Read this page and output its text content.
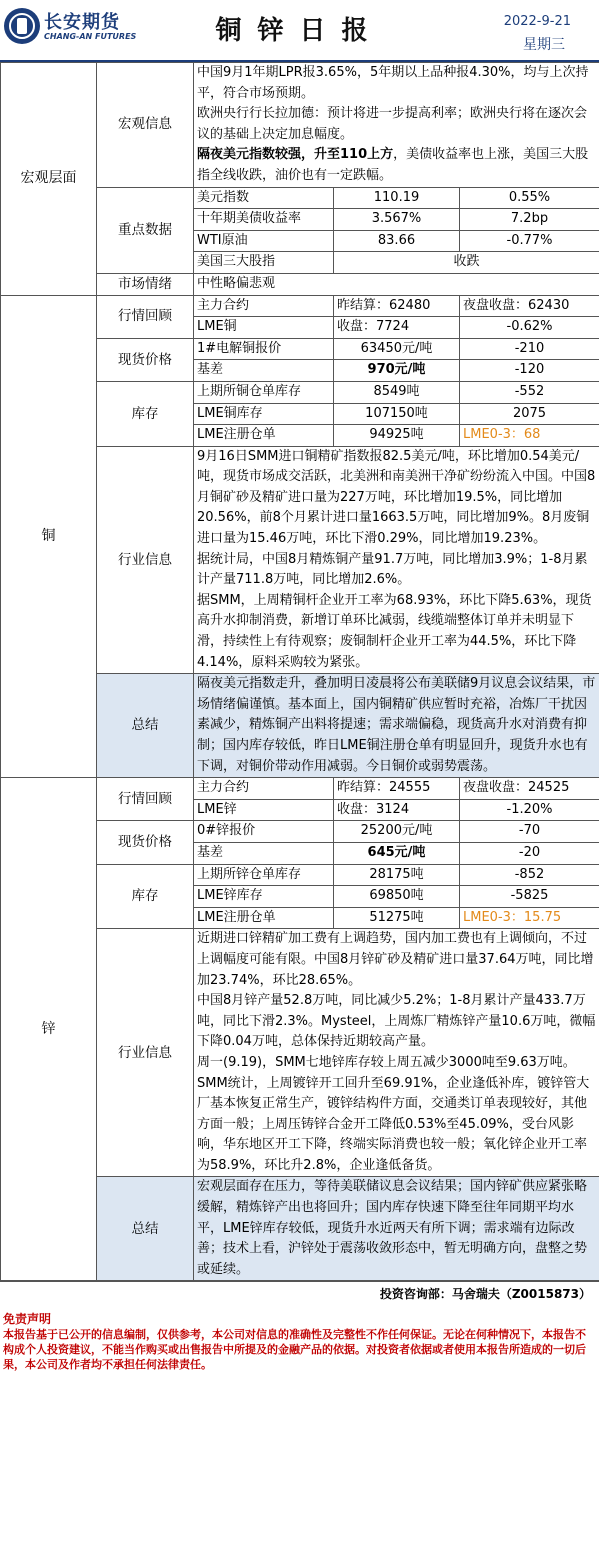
长安期货
CHANG-AN FUTURES	铜锌日报	2022-9-21
星期三
宏观层面	宏观信息	中国9月1年期LPR报3.65%，5年期以上品种报4.30%，均与上次持平，符合市场预期。
欧洲央行行长拉加德：预计将进一步提高利率；欧洲央行将在逐次会议的基础上决定加息幅度。
隔夜美元指数较强，升至110上方，美债收益率也上涨，美国三大股指全线收跌，油价也有一定跌幅。		

	重点数据	美元指数	110.19	0.55%
		十年期美债收益率	3.567%	7.2bp
		WTI原油	83.66	-0.77%
		美国三大股指	收跌	
	市场情绪	中性略偏悲观		

铜	行情回顾	主力合约	昨结算：62480	夜盘收盘：62430
		LME铜	收盘：7724	-0.62%
	现货价格	1#电解铜报价	63450元/吨	-210
		基差	970元/吨	-120
	库存	上期所铜仓单库存	8549吨	-552
		LME铜库存	107150吨	2075
		LME注册仓单	94925吨	LME0-3：68
	行业信息	9月16日SMM进口铜精矿指数报82.5美元/吨，环比增加0.54美元/吨，现货市场成交活跃，北美洲和南美洲干净矿纷纷流入中国。中国8月铜矿砂及精矿进口量为227万吨，环比增加19.5%，同比增加20.56%，前8个月累计进口量1663.5万吨，同比增加9%。8月废铜进口量为15.46万吨，环比下滑0.29%，同比增加19.23%。
据统计局，中国8月精炼铜产量91.7万吨，同比增加3.9%；1-8月累计产量711.8万吨，同比增加2.6%。
据SMM，上周精铜杆企业开工率为68.93%，环比下降5.63%，现货高升水抑制消费，新增订单环比减弱，线缆端整体订单并未明显下滑，持续性上有待观察；废铜制杆企业开工率为44.5%，环比下降4.14%，原料采购较为紧张。		

	总结	隔夜美元指数走升，叠加明日凌晨将公布美联储9月议息会议结果，市场情绪偏谨慎。基本面上，国内铜精矿供应暂时充裕，冶炼厂干扰因素减少，精炼铜产出料将提速；需求端偏稳，现货高升水对消费有抑制；国内库存较低，昨日LME铜注册仓单有明显回升，现货升水也有下调，对铜价带动作用减弱。今日铜价或弱势震荡。		

锌	行情回顾	主力合约	昨结算：24555	夜盘收盘：24525
		LME锌	收盘：3124	-1.20%
	现货价格	0#锌报价	25200元/吨	-70
		基差	645元/吨	-20
	库存	上期所锌仓单库存	28175吨	-852
		LME锌库存	69850吨	-5825
		LME注册仓单	51275吨	LME0-3：15.75
	行业信息	近期进口锌精矿加工费有上调趋势，国内加工费也有上调倾向，不过上调幅度可能有限。中国8月锌矿砂及精矿进口量37.64万吨，同比增加23.74%，环比28.65%。
中国8月锌产量52.8万吨，同比减少5.2%；1-8月累计产量433.7万吨，同比下滑2.3%。Mysteel，上周炼厂精炼锌产量10.6万吨，微幅下降0.04万吨，总体保持近期较高产量。
周一(9.19)，SMM七地锌库存较上周五减少3000吨至9.63万吨。
SMM统计，上周镀锌开工回升至69.91%，企业逢低补库，镀锌管大厂基本恢复正常生产，镀锌结构件方面，交通类订单表现较好，其他方面一般；上周压铸锌合金开工降低0.53%至45.09%，受台风影响，华东地区开工下降，终端实际消费也较一般；氧化锌企业开工率为58.9%，环比升2.8%，企业逢低备货。		

	总结	宏观层面存在压力，等待美联储议息会议结果；国内锌矿供应紧张略缓解，精炼锌产出也将回升；国内库存快速下降至往年同期平均水平，LME锌库存较低，现货升水近两天有所下调；需求端有边际改善；技术上看，沪锌处于震荡收敛形态中，暂无明确方向，盘整之势或延续。		

投资咨询部：马舍瑞夫（Z0015873）
免责声明
本报告基于已公开的信息编制，仅供参考，本公司对信息的准确性及完整性不作任何保证。无论在何种情况下，本报告不构成个人投资建议，不能当作购买或出售报告中所提及的金融产品的依据。对投资者依据或者使用本报告所造成的一切后果，本公司及作者均不承担任何法律责任。
